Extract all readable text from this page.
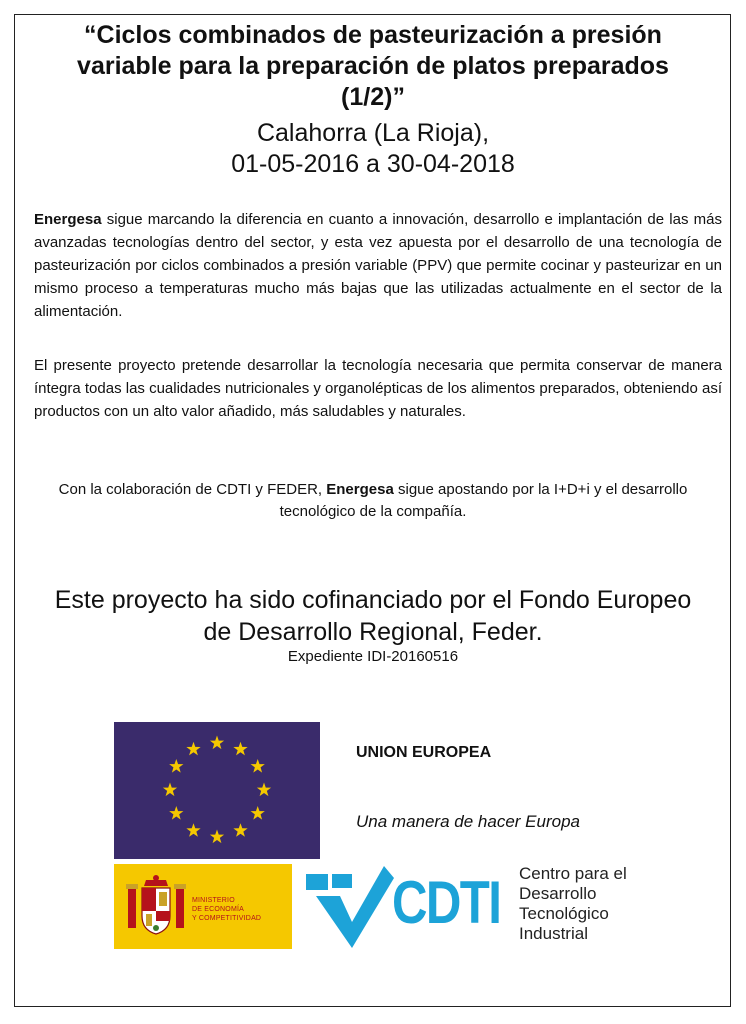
“Ciclos combinados de pasteurización a presión
variable para la preparación de platos preparados
(1/2)”
Calahorra (La Rioja),
01-05-2016 a 30-04-2018

Energesa sigue marcando la diferencia en cuanto a innovación, desarrollo e implantación de las más avanzadas tecnologías dentro del sector, y esta vez apuesta por el desarrollo de una tecnología de pasteurización por ciclos combinados a presión variable (PPV) que permite cocinar y pasteurizar en un mismo proceso a temperaturas mucho más bajas que las utilizadas actualmente en el sector de la alimentación.

El presente proyecto pretende desarrollar la tecnología necesaria que permita conservar de manera íntegra todas las cualidades nutricionales y organolépticas de los alimentos preparados, obteniendo así productos con un alto valor añadido, más saludables y naturales.

Con la colaboración de CDTI y FEDER, Energesa sigue apostando por la I+D+i y el desarrollo tecnológico de la compañía.
Este proyecto ha sido cofinanciado por el Fondo Europeo
de Desarrollo Regional, Feder.
Expediente IDI-20160516
UNION EUROPEA
Una manera de hacer Europa
MINISTERIO
DE ECONOMÍA
Y COMPETITIVIDAD CDTI Centro para el
Desarrollo
Tecnológico
Industrial
